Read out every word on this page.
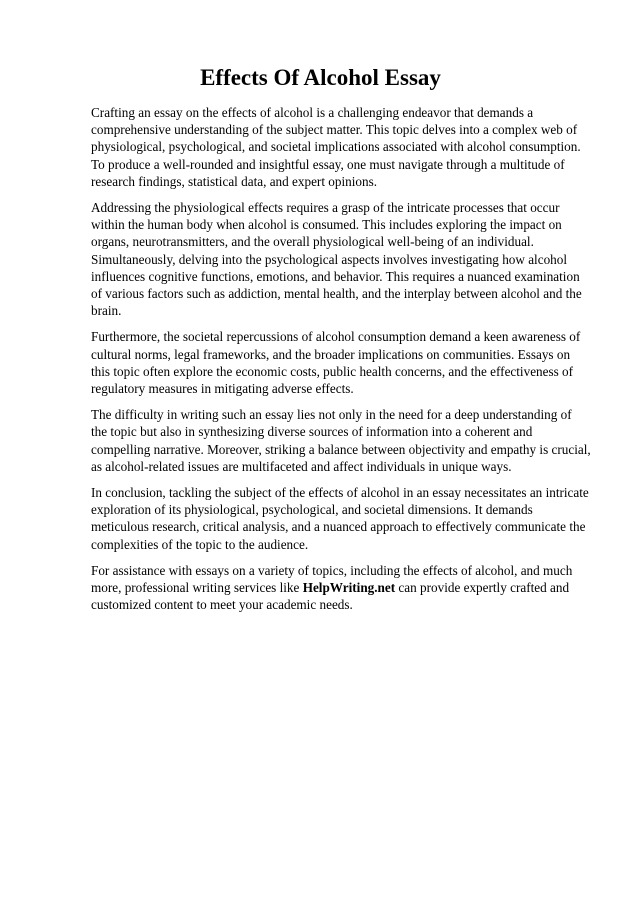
Effects Of Alcohol Essay

Crafting an essay on the effects of alcohol is a challenging endeavor that demands a comprehensive understanding of the subject matter. This topic delves into a complex web of physiological, psychological, and societal implications associated with alcohol consumption. To produce a well-rounded and insightful essay, one must navigate through a multitude of research findings, statistical data, and expert opinions.

Addressing the physiological effects requires a grasp of the intricate processes that occur within the human body when alcohol is consumed. This includes exploring the impact on organs, neurotransmitters, and the overall physiological well-being of an individual. Simultaneously, delving into the psychological aspects involves investigating how alcohol influences cognitive functions, emotions, and behavior. This requires a nuanced examination of various factors such as addiction, mental health, and the interplay between alcohol and the brain.

Furthermore, the societal repercussions of alcohol consumption demand a keen awareness of cultural norms, legal frameworks, and the broader implications on communities. Essays on this topic often explore the economic costs, public health concerns, and the effectiveness of regulatory measures in mitigating adverse effects.

The difficulty in writing such an essay lies not only in the need for a deep understanding of the topic but also in synthesizing diverse sources of information into a coherent and compelling narrative. Moreover, striking a balance between objectivity and empathy is crucial, as alcohol-related issues are multifaceted and affect individuals in unique ways.

In conclusion, tackling the subject of the effects of alcohol in an essay necessitates an intricate exploration of its physiological, psychological, and societal dimensions. It demands meticulous research, critical analysis, and a nuanced approach to effectively communicate the complexities of the topic to the audience.

For assistance with essays on a variety of topics, including the effects of alcohol, and much more, professional writing services like HelpWriting.net can provide expertly crafted and customized content to meet your academic needs.
